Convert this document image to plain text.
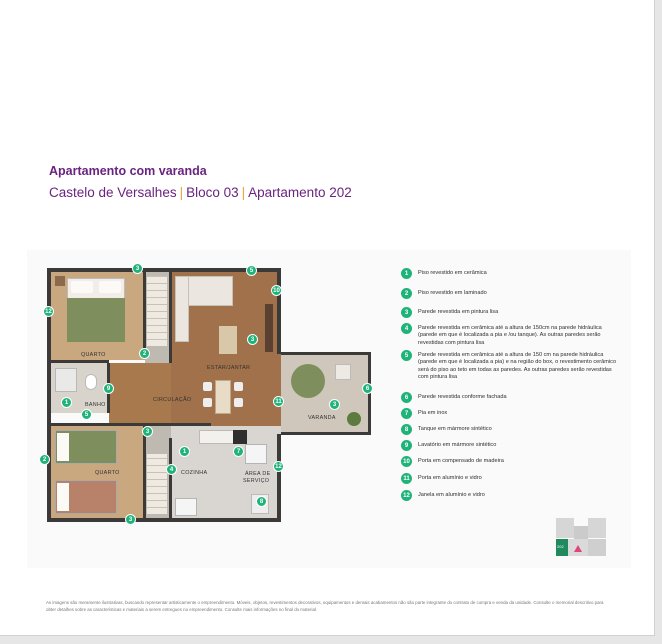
Apartamento com varanda
Castelo de Versalhes | Bloco 03 | Apartamento 202
QUARTO
BANHO
ESTAR/JANTAR
CIRCULAÇÃO
VARANDA
QUARTO	COZINHA	ÁREA DE
SERVIÇO
3	5
10
12
2
3
9
1
5
3
11	3
6
2
1
4
7
12
8
3
1	Piso revestido em cerâmica
2	Piso revestido em laminado
3	Parede revestida em pintura lisa
4	Parede revestida em cerâmica até a altura de 150cm na parede hidráulica (parede em que é localizada a pia e /ou tanque). As outras paredes serão revestidas com pintura lisa
5	Parede revestida em cerâmica até a altura de 150 cm na parede hidráulica (parede em que é localizada a pia) e na região do box, o revestimento cerâmico será do piso ao teto em todas as paredes. As outras paredes serão revestidas com pintura lisa
6	Parede revestida conforme fachada
7	Pia em inox
8	Tanque em mármore sintético
9	Lavatório em mármore sintético
10	Porta em compensado de madeira
11	Porta em alumínio e vidro
12	Janela em alumínio e vidro
202
As imagens são meramente ilustrativas, buscando representar artisticamente o empreendimento. Móveis, objetos, revestimentos decorativos, equipamentos e demais acabamentos não são parte integrante do contrato de compra e venda da unidade. Consulte o memorial descritivo para obter detalhes sobre as características e materiais a serem entregues no empreendimento. Consulte mais informações no final do material.
